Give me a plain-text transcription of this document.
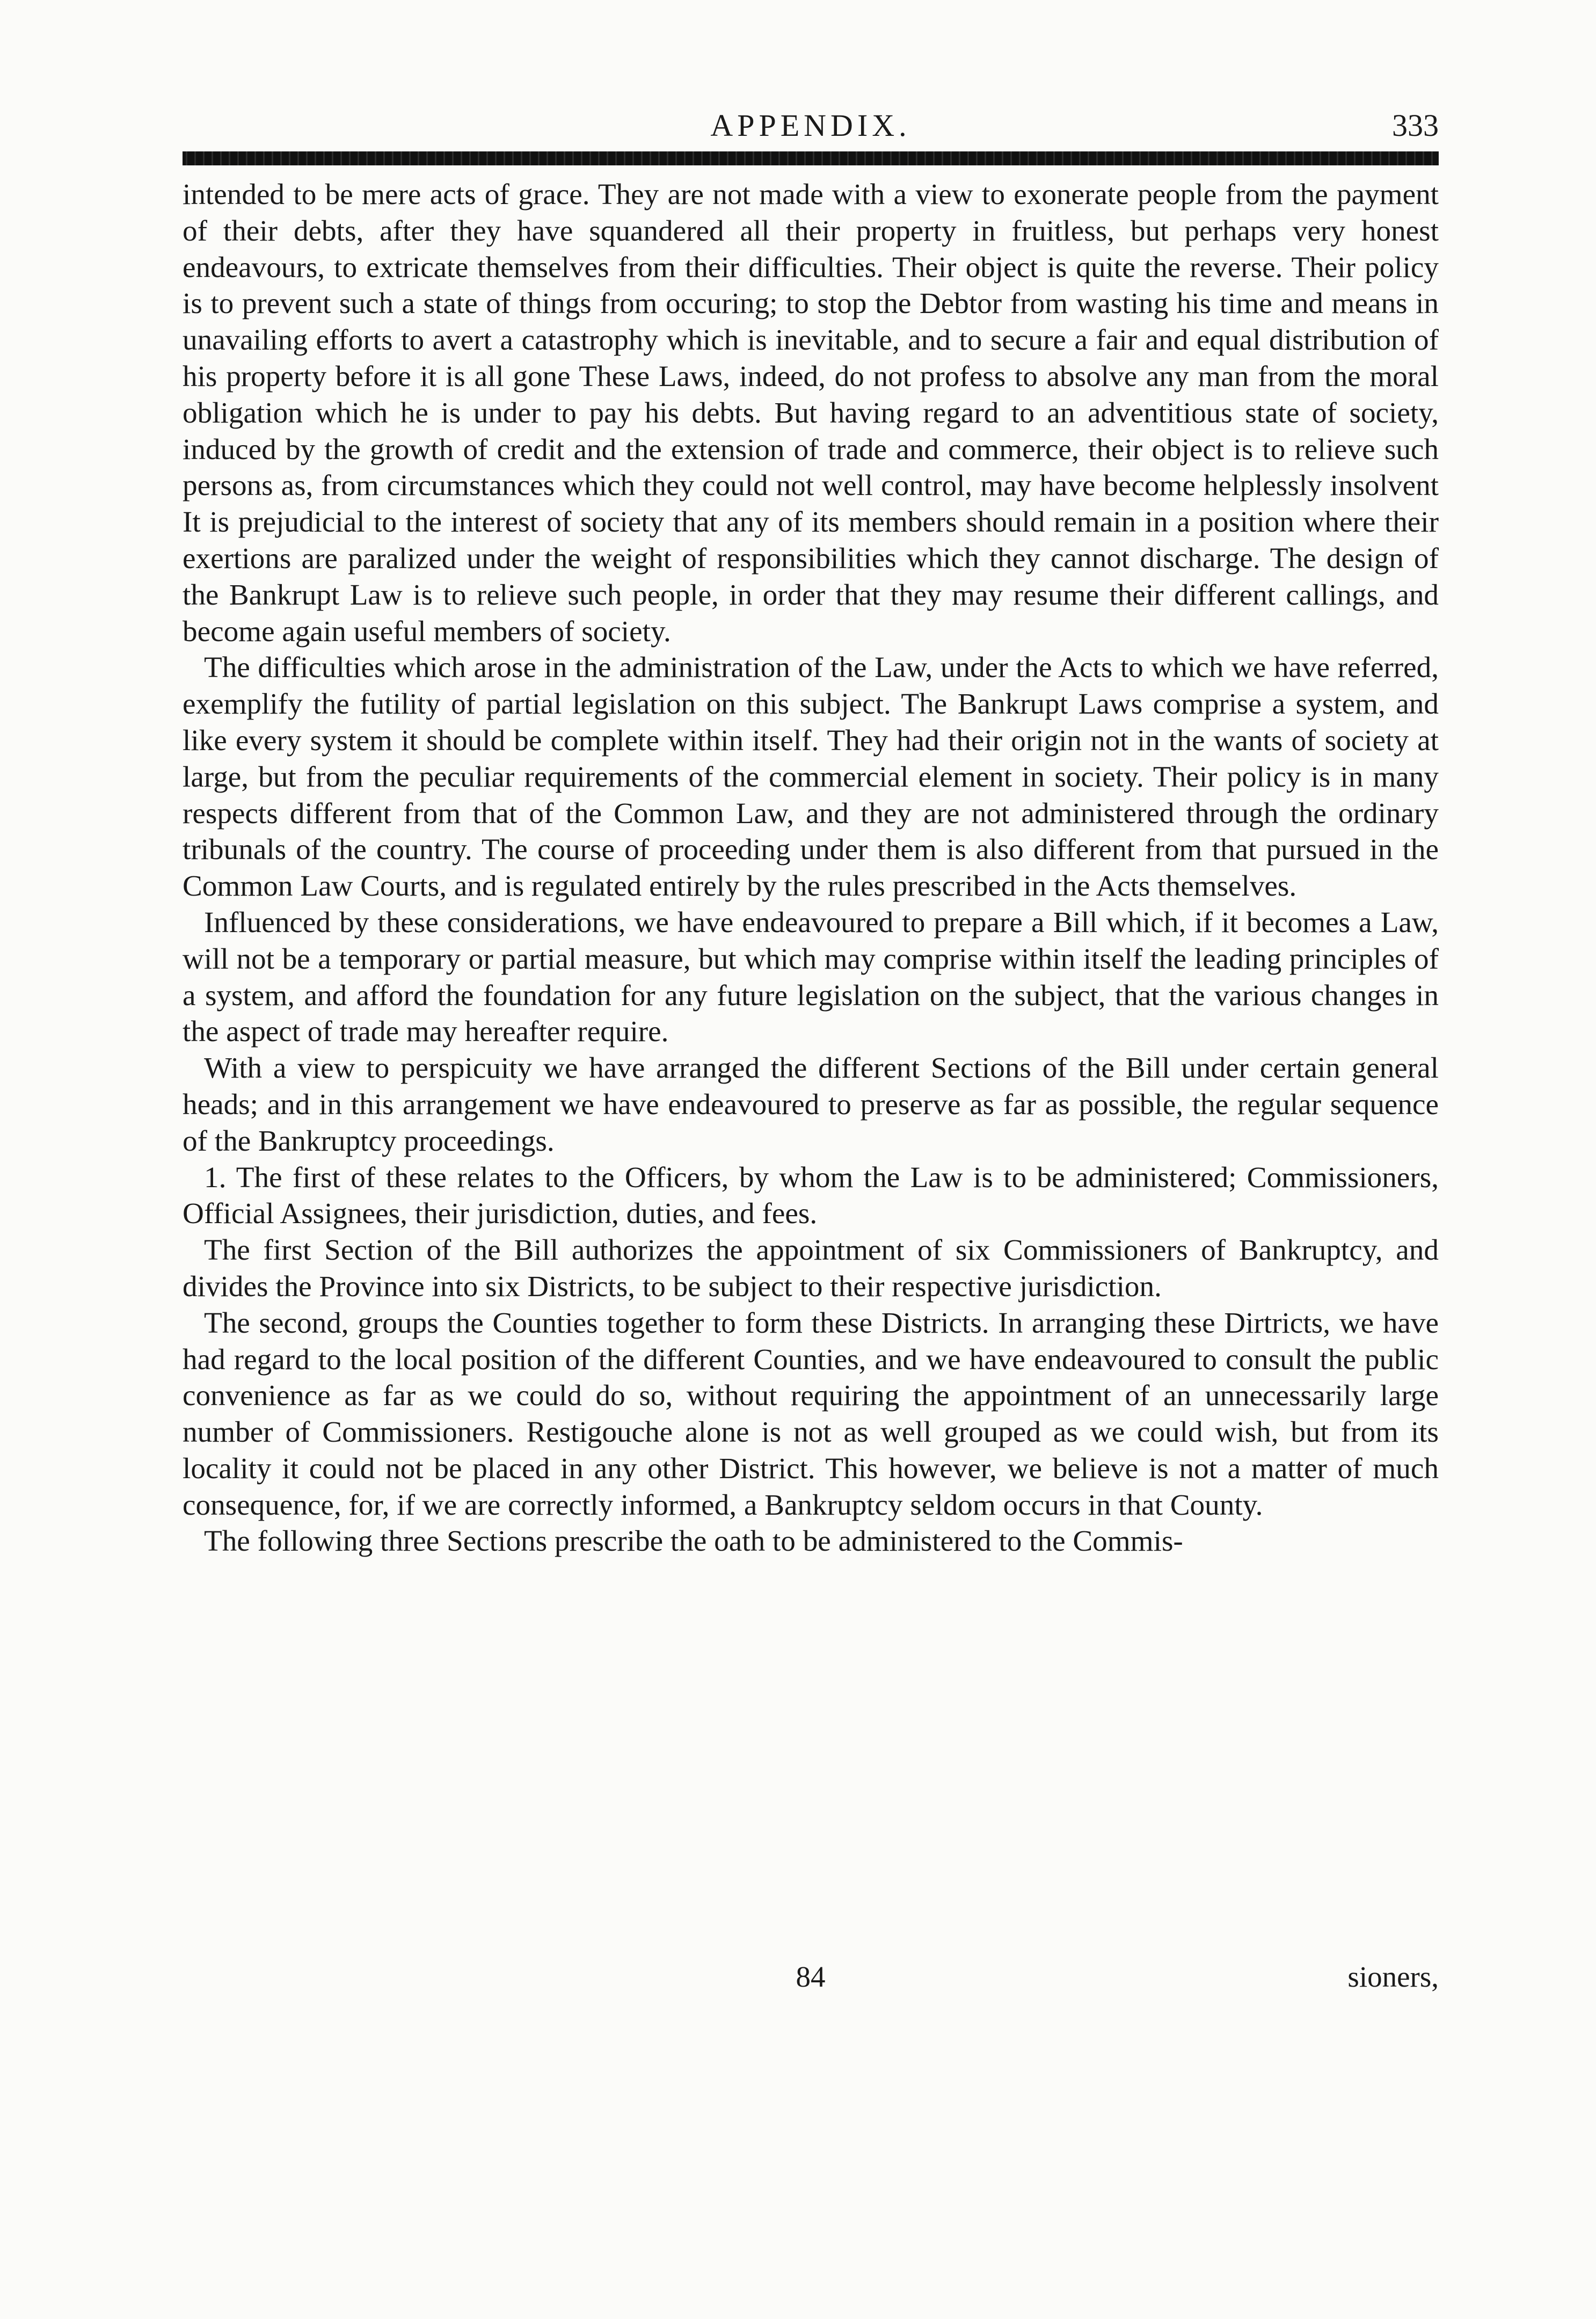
APPENDIX.	333

intended to be mere acts of grace. They are not made with a view to exonerate people from the payment of their debts, after they have squandered all their property in fruitless, but perhaps very honest endeavours, to extricate themselves from their difficulties. Their object is quite the reverse. Their policy is to prevent such a state of things from occuring; to stop the Debtor from wasting his time and means in unavailing efforts to avert a catastrophy which is inevitable, and to secure a fair and equal distribution of his property before it is all gone These Laws, indeed, do not profess to absolve any man from the moral obligation which he is under to pay his debts. But having regard to an adventitious state of society, induced by the growth of credit and the extension of trade and commerce, their object is to relieve such persons as, from circumstances which they could not well control, may have become helplessly insolvent It is prejudicial to the interest of society that any of its members should remain in a position where their exertions are paralized under the weight of responsibilities which they cannot discharge. The design of the Bankrupt Law is to relieve such people, in order that they may resume their different callings, and become again useful members of society.

The difficulties which arose in the administration of the Law, under the Acts to which we have referred, exemplify the futility of partial legislation on this subject. The Bankrupt Laws comprise a system, and like every system it should be complete within itself. They had their origin not in the wants of society at large, but from the peculiar requirements of the commercial element in society. Their policy is in many respects different from that of the Common Law, and they are not administered through the ordinary tribunals of the country. The course of proceeding under them is also different from that pursued in the Common Law Courts, and is regulated entirely by the rules prescribed in the Acts themselves.

Influenced by these considerations, we have endeavoured to prepare a Bill which, if it becomes a Law, will not be a temporary or partial measure, but which may comprise within itself the leading principles of a system, and afford the foundation for any future legislation on the subject, that the various changes in the aspect of trade may hereafter require.

With a view to perspicuity we have arranged the different Sections of the Bill under certain general heads; and in this arrangement we have endeavoured to preserve as far as possible, the regular sequence of the Bankruptcy proceedings.

1. The first of these relates to the Officers, by whom the Law is to be administered; Commissioners, Official Assignees, their jurisdiction, duties, and fees.

The first Section of the Bill authorizes the appointment of six Commissioners of Bankruptcy, and divides the Province into six Districts, to be subject to their respective jurisdiction.

The second, groups the Counties together to form these Districts. In arranging these Dirtricts, we have had regard to the local position of the different Counties, and we have endeavoured to consult the public convenience as far as we could do so, without requiring the appointment of an unnecessarily large number of Commissioners. Restigouche alone is not as well grouped as we could wish, but from its locality it could not be placed in any other District. This however, we believe is not a matter of much consequence, for, if we are correctly informed, a Bankruptcy seldom occurs in that County.

The following three Sections prescribe the oath to be administered to the Commis-

84	sioners,
